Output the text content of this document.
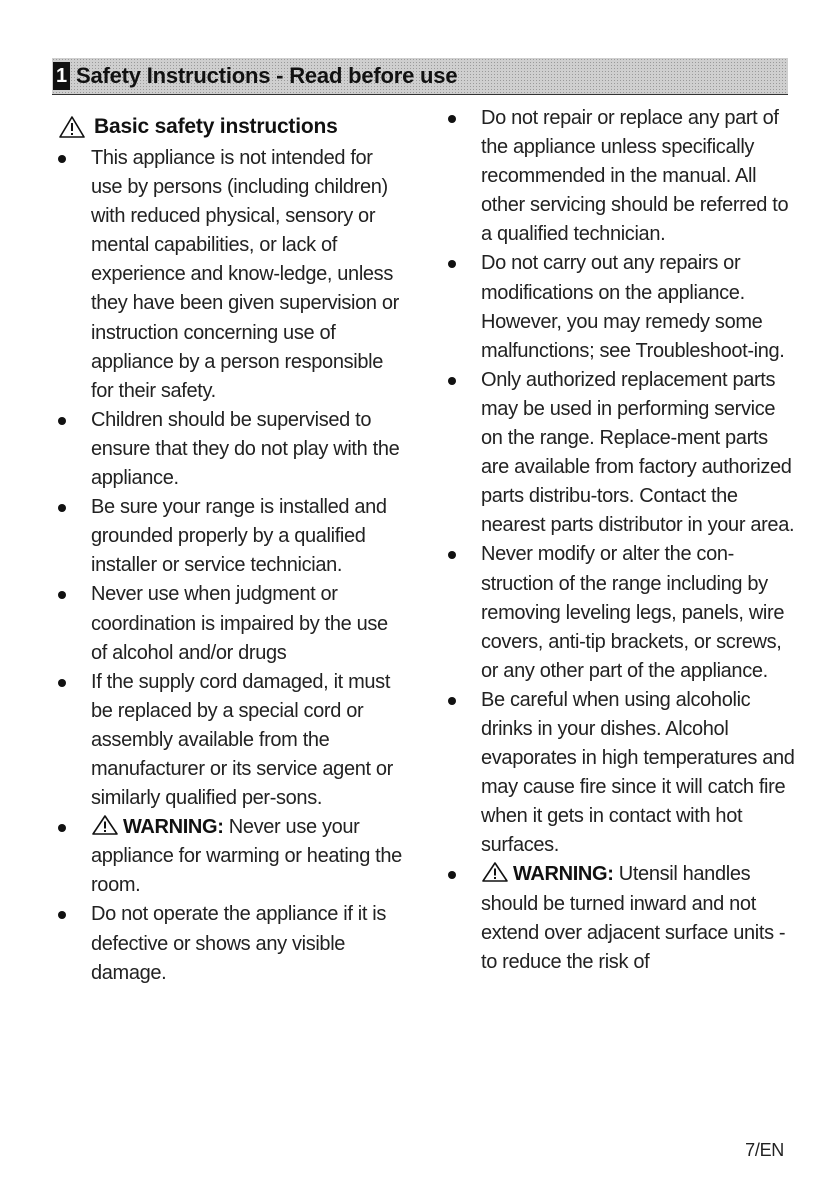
1 Safety Instructions - Read before use
Basic safety instructions
This appliance is not intended for use by persons (including children) with reduced physical, sensory or mental capabilities, or lack of experience and know-ledge, unless they have been given supervision or instruction concerning use of appliance by a person responsible for their safety.
Children should be supervised to ensure that they do not play with the appliance.
Be sure your range is installed and grounded properly by a qualified installer or service technician.
Never use when judgment or coordination is impaired by the use of alcohol and/or drugs
If the supply cord damaged, it must be replaced by a special cord or assembly available from the manufacturer or its service agent or similarly qualified per-sons.
WARNING: Never use your appliance for warming or heating the room.
Do not operate the appliance if it is defective or shows any visible damage.
Do not repair or replace any part of the appliance unless specifically recommended in the manual. All other servicing should be referred to a qualified technician.
Do not carry out any repairs or modifications on the appliance. However, you may remedy some malfunctions; see Troubleshoot-ing.
Only authorized replacement parts may be used in performing service on the range. Replace-ment parts are available from factory authorized parts distribu-tors. Contact the nearest parts distributor in your area.
Never modify or alter the con-struction of the range including by removing leveling legs, panels, wire covers, anti-tip brackets, or screws, or any other part of the appliance.
Be careful when using alcoholic drinks in your dishes. Alcohol evaporates in high temperatures and may cause fire since it will catch fire when it gets in contact with hot surfaces.
WARNING: Utensil handles should be turned inward and not extend over adjacent surface units - to reduce the risk of
7/EN
